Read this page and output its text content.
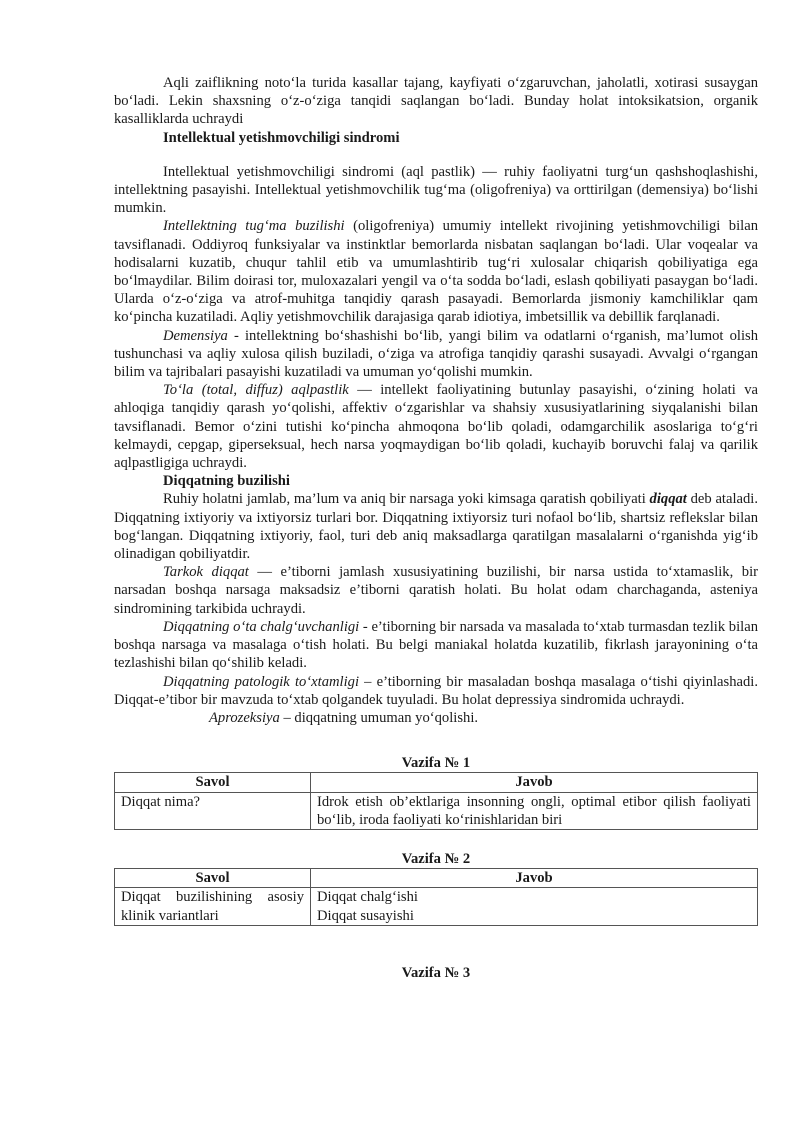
Aqli zaiflikning noto‘la turida kasallar tajang, kayfiyati o‘zgaruvchan, jaholatli, xotirasi susaygan bo‘ladi. Lekin shaxsning o‘z-o‘ziga tanqidi saqlangan bo‘ladi. Bunday holat intoksikatsion, organik kasalliklarda uchraydi

Intellektual yetishmovchiligi sindromi

Intellektual yetishmovchiligi sindromi (aql pastlik) — ruhiy faoliyatni turg‘un qashshoqlashishi, intellektning pasayishi. Intellektual yetishmovchilik tug‘ma (oligofreniya) va orttirilgan (demensiya) bo‘lishi mumkin.

Intellektning tug‘ma buzilishi (oligofreniya) umumiy intellekt rivojining yetishmovchiligi bilan tavsiflanadi. Oddiyroq funksiyalar va instinktlar bemorlarda nisbatan saqlangan bo‘ladi. Ular voqealar va hodisalarni kuzatib, chuqur tahlil etib va umumlashtirib tug‘ri xulosalar chiqarish qobiliyatiga ega bo‘lmaydilar. Bilim doirasi tor, muloxazalari yengil va o‘ta sodda bo‘ladi, eslash qobiliyati pasaygan bo‘ladi. Ularda o‘z-o‘ziga va atrof-muhitga tanqidiy qarash pasayadi. Bemorlarda jismoniy kamchiliklar qam ko‘pincha kuzatiladi. Aqliy yetishmovchilik darajasiga qarab idiotiya, imbetsillik va debillik farqlanadi.

Demensiya - intellektning bo‘shashishi bo‘lib, yangi bilim va odatlarni o‘rganish, ma’lumot olish tushunchasi va aqliy xulosa qilish buziladi, o‘ziga va atrofiga tanqidiy qarashi susayadi. Avvalgi o‘rgangan bilim va tajribalari pasayishi kuzatiladi va umuman yo‘qolishi mumkin.

To‘la (total, diffuz) aqlpastlik — intellekt faoliyatining butunlay pasayishi, o‘zining holati va ahloqiga tanqidiy qarash yo‘qolishi, affektiv o‘zgarishlar va shahsiy xususiyatlarining siyqalanishi bilan tavsiflanadi. Bemor o‘zini tutishi ko‘pincha ahmoqona bo‘lib qoladi, odamgarchilik asoslariga to‘g‘ri kelmaydi, cepgap, giperseksual, hech narsa yoqmaydigan bo‘lib qoladi, kuchayib boruvchi falaj va qarilik aqlpastligiga uchraydi.

Diqqatning buzilishi

Ruhiy holatni jamlab, ma’lum va aniq bir narsaga yoki kimsaga qaratish qobiliyati diqqat deb ataladi. Diqqatning ixtiyoriy va ixtiyorsiz turlari bor. Diqqatning ixtiyorsiz turi nofaol bo‘lib, shartsiz reflekslar bilan bog‘langan. Diqqatning ixtiyoriy, faol, turi deb aniq maksadlarga qaratilgan masalalarni o‘rganishda yig‘ib olinadigan qobiliyatdir.

Tarkok diqqat — e’tiborni jamlash xususiyatining buzilishi, bir narsa ustida to‘xtamaslik, bir narsadan boshqa narsaga maksadsiz e’tiborni qaratish holati. Bu holat odam charchaganda, asteniya sindromining tarkibida uchraydi.

Diqqatning o‘ta chalg‘uvchanligi - e’tiborning bir narsada va masalada to‘xtab turmasdan tezlik bilan boshqa narsaga va masalaga o‘tish holati. Bu belgi maniakal holatda kuzatilib, fikrlash jarayonining o‘ta tezlashishi bilan qo‘shilib keladi.

Diqqatning patologik to‘xtamligi – e’tiborning bir masaladan boshqa masalaga o‘tishi qiyinlashadi. Diqqat-e’tibor bir mavzuda to‘xtab qolgandek tuyuladi. Bu holat depressiya sindromida uchraydi.

Aprozeksiya – diqqatning umuman yo‘qolishi.

Vazifa № 1
Savol	Javob
Diqqat nima?	Idrok etish ob’ektlariga insonning ongli, optimal etibor qilish faoliyati bo‘lib, iroda faoliyati ko‘rinishlaridan biri
Vazifa № 2
Savol	Javob
Diqqat buzilishining asosiy klinik variantlari	Diqqat chalg‘ishi
Diqqat susayishi
Vazifa № 3
